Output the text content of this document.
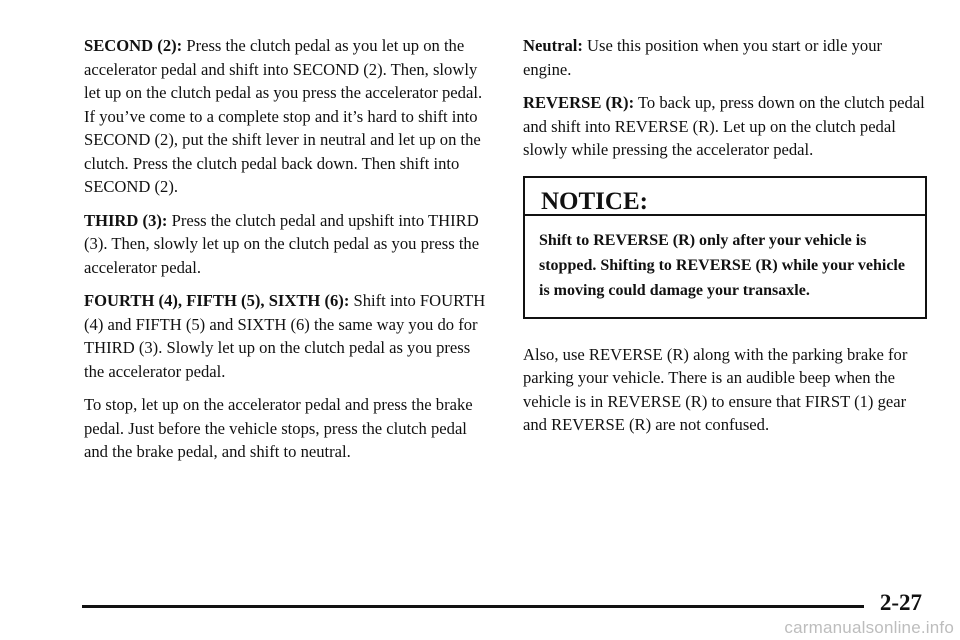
SECOND (2): Press the clutch pedal as you let up on the accelerator pedal and shift into SECOND (2). Then, slowly let up on the clutch pedal as you press the accelerator pedal. If you’ve come to a complete stop and it’s hard to shift into SECOND (2), put the shift lever in neutral and let up on the clutch. Press the clutch pedal back down. Then shift into SECOND (2).

THIRD (3): Press the clutch pedal and upshift into THIRD (3). Then, slowly let up on the clutch pedal as you press the accelerator pedal.

FOURTH (4), FIFTH (5), SIXTH (6): Shift into FOURTH (4) and FIFTH (5) and SIXTH (6) the same way you do for THIRD (3). Slowly let up on the clutch pedal as you press the accelerator pedal.

To stop, let up on the accelerator pedal and press the brake pedal. Just before the vehicle stops, press the clutch pedal and the brake pedal, and shift to neutral.

Neutral: Use this position when you start or idle your engine.

REVERSE (R): To back up, press down on the clutch pedal and shift into REVERSE (R). Let up on the clutch pedal slowly while pressing the accelerator pedal.

NOTICE:
Shift to REVERSE (R) only after your vehicle is stopped. Shifting to REVERSE (R) while your vehicle is moving could damage your transaxle.

Also, use REVERSE (R) along with the parking brake for parking your vehicle. There is an audible beep when the vehicle is in REVERSE (R) to ensure that FIRST (1) gear and REVERSE (R) are not confused.

2-27
carmanualsonline.info
